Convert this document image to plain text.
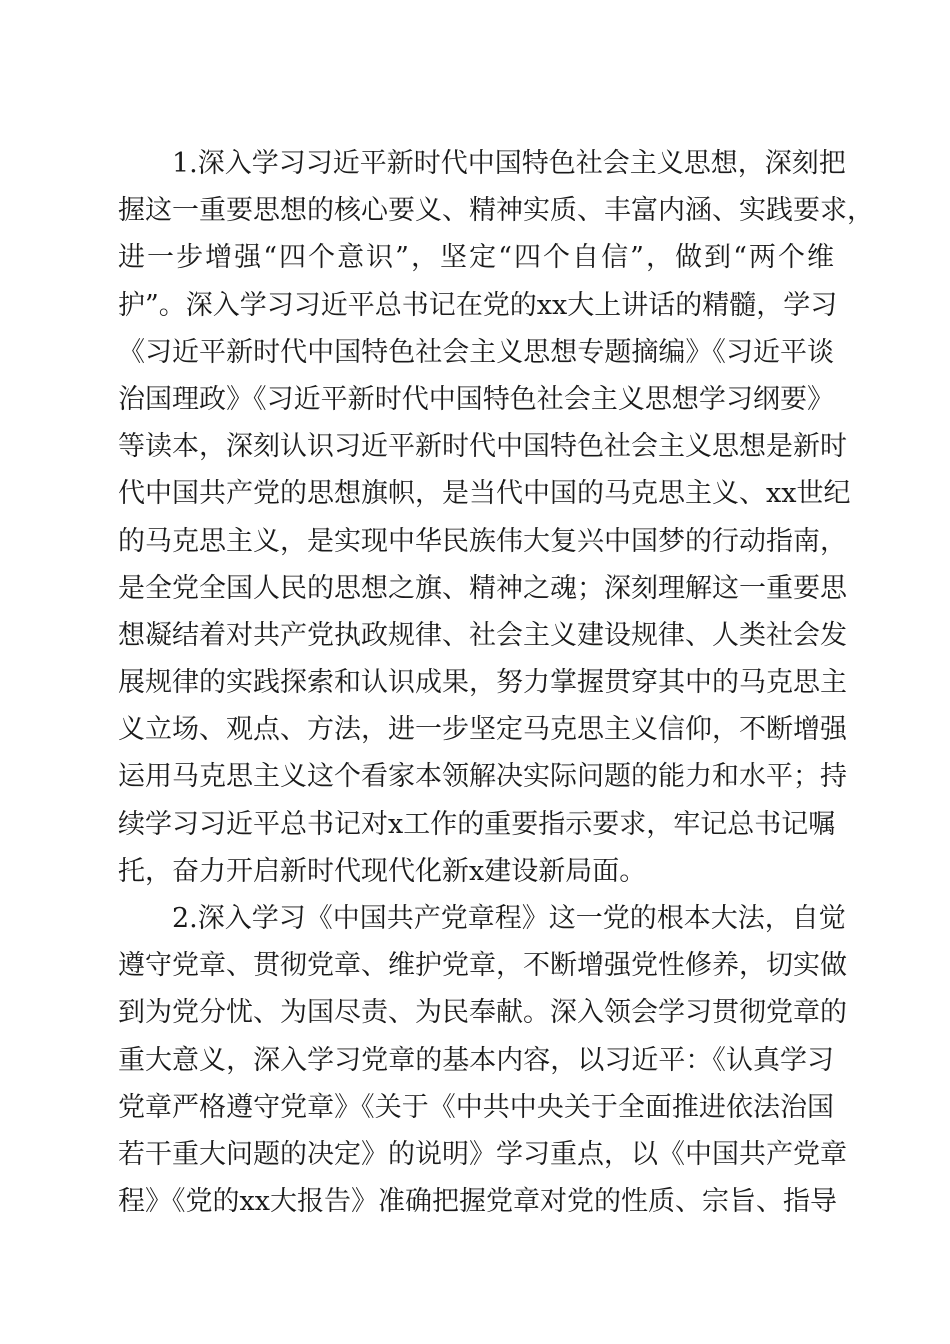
1.深入学习习近平新时代中国特色社会主义思想，深刻把
握这一重要思想的核心要义、精神实质、丰富内涵、实践要求，
进一步增强“四个意识”，坚定“四个自信”，做到“两个维
护”。深入学习习近平总书记在党的xx大上讲话的精髓，学习
《习近平新时代中国特色社会主义思想专题摘编》《习近平谈
治国理政》《习近平新时代中国特色社会主义思想学习纲要》
等读本，深刻认识习近平新时代中国特色社会主义思想是新时
代中国共产党的思想旗帜，是当代中国的马克思主义、xx世纪
的马克思主义，是实现中华民族伟大复兴中国梦的行动指南，
是全党全国人民的思想之旗、精神之魂；深刻理解这一重要思
想凝结着对共产党执政规律、社会主义建设规律、人类社会发
展规律的实践探索和认识成果，努力掌握贯穿其中的马克思主
义立场、观点、方法，进一步坚定马克思主义信仰，不断增强
运用马克思主义这个看家本领解决实际问题的能力和水平；持
续学习习近平总书记对x工作的重要指示要求，牢记总书记嘱
托，奋力开启新时代现代化新x建设新局面。
2.深入学习《中国共产党章程》这一党的根本大法，自觉
遵守党章、贯彻党章、维护党章，不断增强党性修养，切实做
到为党分忧、为国尽责、为民奉献。深入领会学习贯彻党章的
重大意义，深入学习党章的基本内容，以习近平：《认真学习
党章严格遵守党章》《关于《中共中央关于全面推进依法治国
若干重大问题的决定》的说明》学习重点，以《中国共产党章
程》《党的xx大报告》准确把握党章对党的性质、宗旨、指导
